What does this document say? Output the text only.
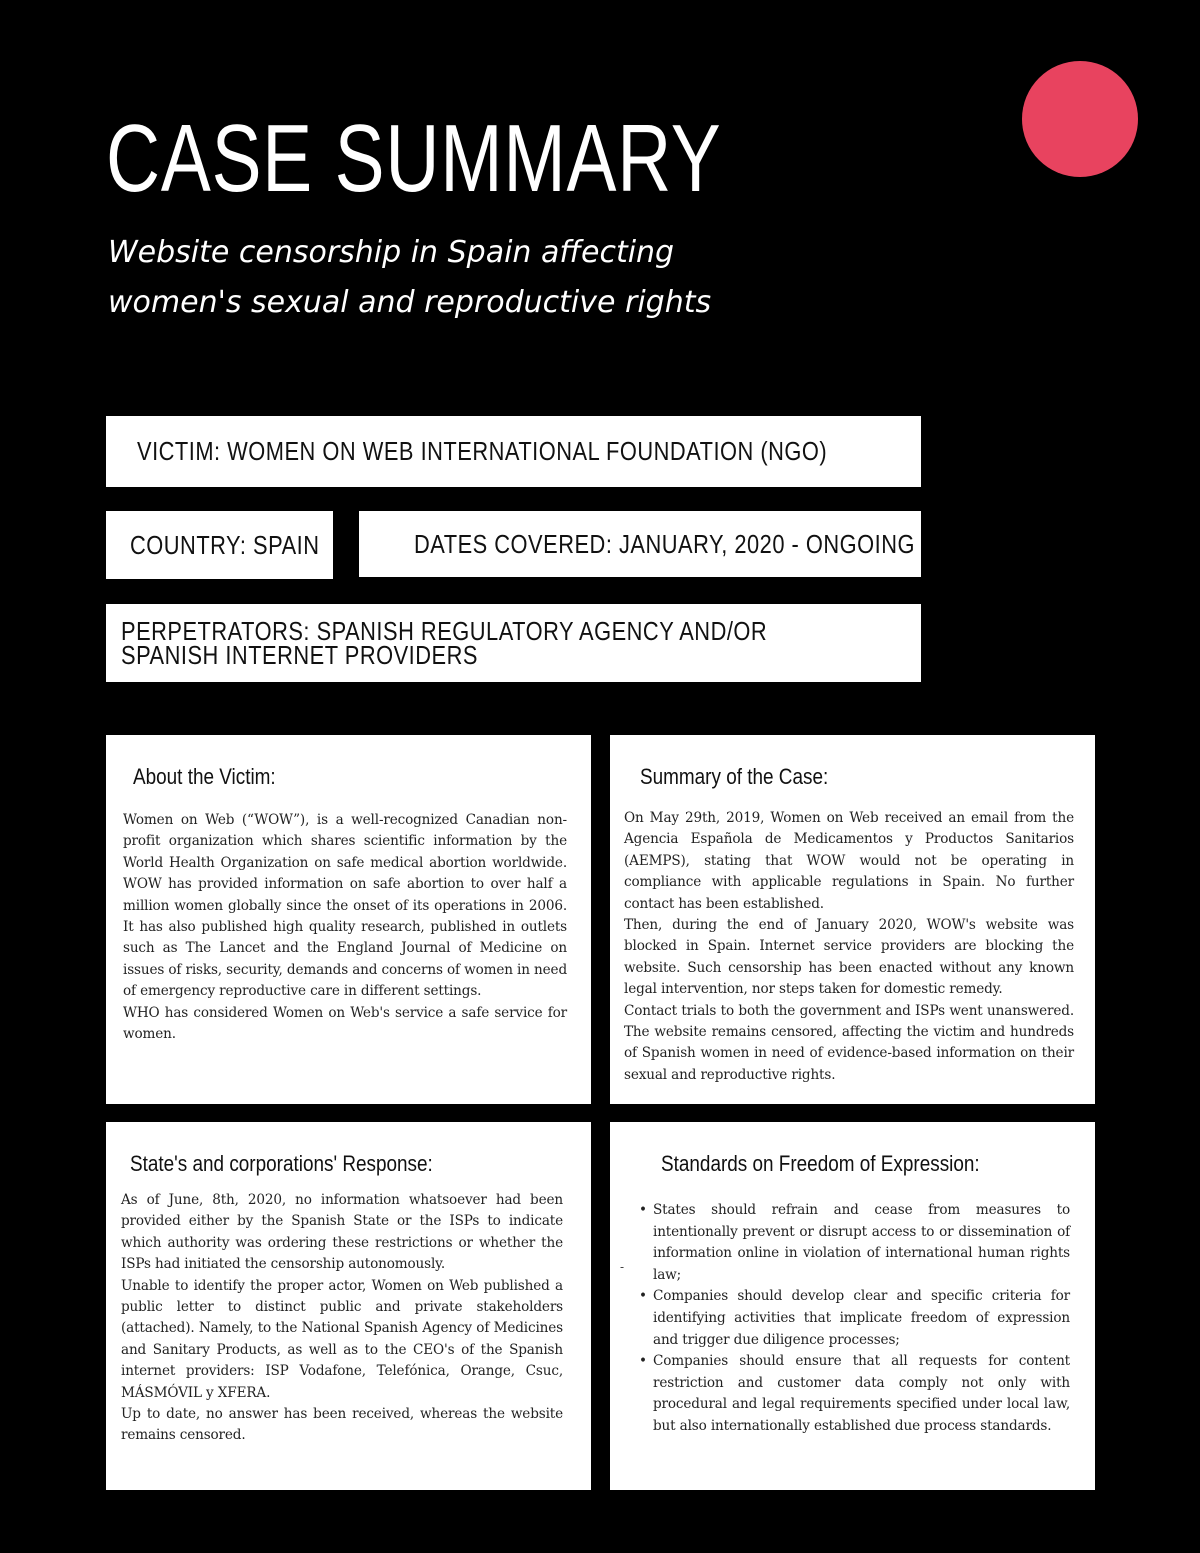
CASE SUMMARY

Website censorship in Spain affecting women's sexual and reproductive rights

VICTIM: WOMEN ON WEB INTERNATIONAL FOUNDATION (NGO)
COUNTRY: SPAIN	DATES COVERED: JANUARY, 2020 - ONGOING
PERPETRATORS: SPANISH REGULATORY AGENCY AND/OR SPANISH INTERNET PROVIDERS
About the Victim:

Women on Web (“WOW”), is a well-recognized Canadian non-profit organization which shares scientific information by the World Health Organization on safe medical abortion worldwide. WOW has provided information on safe abortion to over half a million women globally since the onset of its operations in 2006. It has also published high quality research, published in outlets such as The Lancet and the England Journal of Medicine on issues of risks, security, demands and concerns of women in need of emergency reproductive care in different settings.

WHO has considered Women on Web's service a safe service for women.

Summary of the Case:

On May 29th, 2019, Women on Web received an email from the Agencia Española de Medicamentos y Productos Sanitarios (AEMPS), stating that WOW would not be operating in compliance with applicable regulations in Spain. No further contact has been established.

Then, during the end of January 2020, WOW's website was blocked in Spain. Internet service providers are blocking the website. Such censorship has been enacted without any known legal intervention, nor steps taken for domestic remedy.

Contact trials to both the government and ISPs went unanswered. The website remains censored, affecting the victim and hundreds of Spanish women in need of evidence-based information on their sexual and reproductive rights.

State's and corporations' Response:

As of June, 8th, 2020, no information whatsoever had been provided either by the Spanish State or the ISPs to indicate which authority was ordering these restrictions or whether the ISPs had initiated the censorship autonomously.

Unable to identify the proper actor, Women on Web published a public letter to distinct public and private stakeholders (attached). Namely, to the National Spanish Agency of Medicines and Sanitary Products, as well as to the CEO's of the Spanish internet providers: ISP Vodafone, Telefónica, Orange, Csuc, MÁSMÓVIL y XFERA.

Up to date, no answer has been received, whereas the website remains censored.

Standards on Freedom of Expression:
-
• States should refrain and cease from measures to intentionally prevent or disrupt access to or dissemination of information online in violation of international human rights law;
• Companies should develop clear and specific criteria for identifying activities that implicate freedom of expression and trigger due diligence processes;
• Companies should ensure that all requests for content restriction and customer data comply not only with procedural and legal requirements specified under local law, but also internationally established due process standards.
